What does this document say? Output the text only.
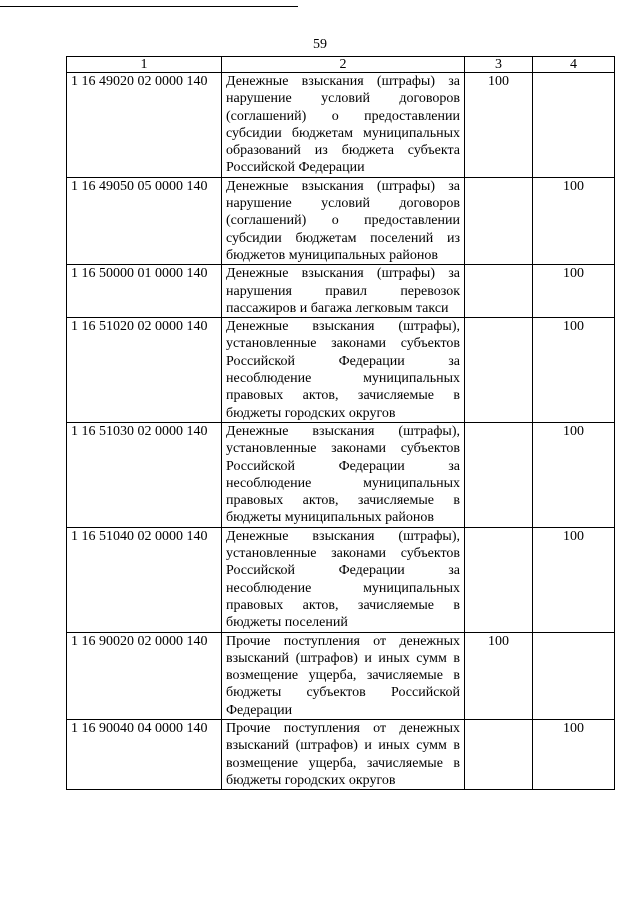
59
1	2	3	4
1 16 49020 02 0000 140	Денежные взыскания (штрафы) за нарушение условий договоров (соглашений) о предоставлении субсидии бюджетам муниципальных образований из бюджета субъекта Российской Федерации	100	
1 16 49050 05 0000 140	Денежные взыскания (штрафы) за нарушение условий договоров (соглашений) о предоставлении субсидии бюджетам поселений из бюджетов муниципальных районов		100
1 16 50000 01 0000 140	Денежные взыскания (штрафы) за нарушения правил перевозок пассажиров и багажа легковым такси		100
1 16 51020 02 0000 140	Денежные взыскания (штрафы), установленные законами субъектов Российской Федерации за несоблюдение муниципальных правовых актов, зачисляемые в бюджеты городских округов		100
1 16 51030 02 0000 140	Денежные взыскания (штрафы), установленные законами субъектов Российской Федерации за несоблюдение муниципальных правовых актов, зачисляемые в бюджеты муниципальных районов		100
1 16 51040 02 0000 140	Денежные взыскания (штрафы), установленные законами субъектов Российской Федерации за несоблюдение муниципальных правовых актов, зачисляемые в бюджеты поселений		100
1 16 90020 02 0000 140	Прочие поступления от денежных взысканий (штрафов) и иных сумм в возмещение ущерба, зачисляемые в бюджеты субъектов Российской Федерации	100	
1 16 90040 04 0000 140	Прочие поступления от денежных взысканий (штрафов) и иных сумм в возмещение ущерба, зачисляемые в бюджеты городских округов		100
